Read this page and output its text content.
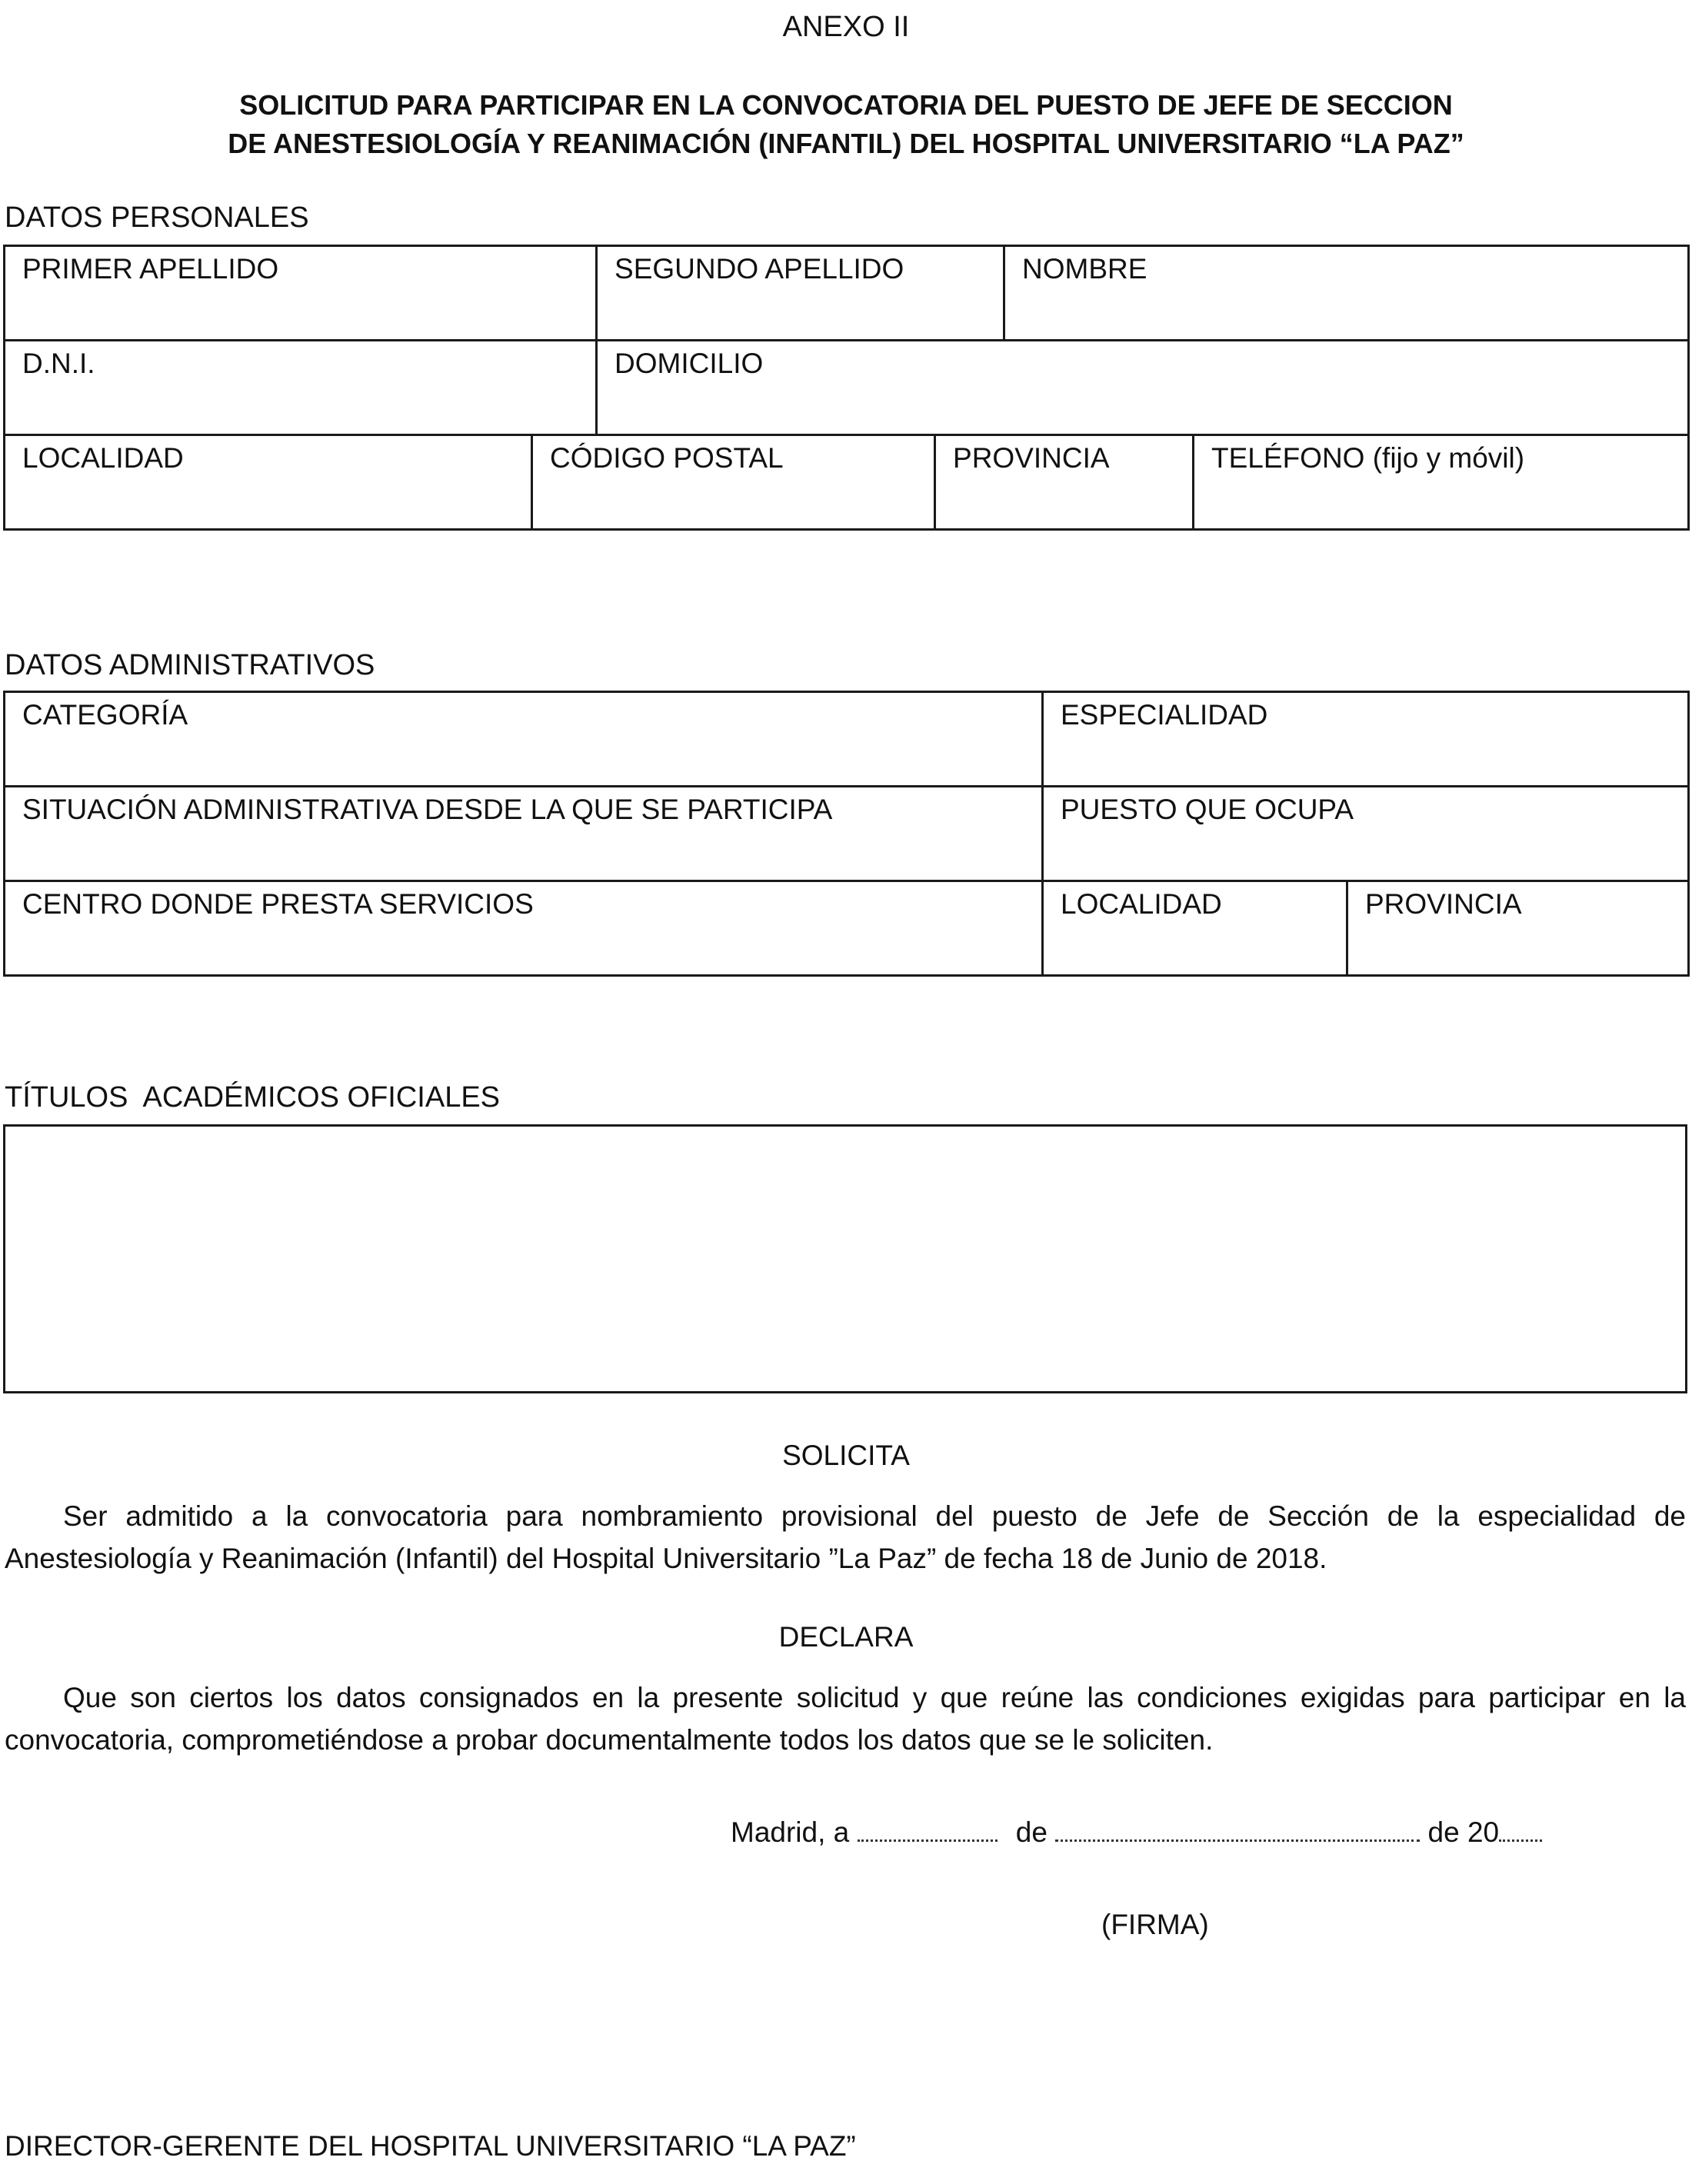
ANEXO II
SOLICITUD PARA PARTICIPAR EN LA CONVOCATORIA DEL PUESTO DE JEFE DE SECCION
DE ANESTESIOLOGÍA Y REANIMACIÓN (INFANTIL) DEL HOSPITAL UNIVERSITARIO “LA PAZ”
DATOS PERSONALES
PRIMER APELLIDO		SEGUNDO APELLIDO		NOMBRE	
D.N.I.		DOMICILIO			
LOCALIDAD	CÓDIGO POSTAL		PROVINCIA		TELÉFONO (fijo y móvil)
DATOS ADMINISTRATIVOS
CATEGORÍA	ESPECIALIDAD	
SITUACIÓN ADMINISTRATIVA DESDE LA QUE SE PARTICIPA	PUESTO QUE OCUPA	
CENTRO DONDE PRESTA SERVICIOS	LOCALIDAD	PROVINCIA
TÍTULOS  ACADÉMICOS OFICIALES
SOLICITA
Ser admitido a la convocatoria para nombramiento provisional del puesto de Jefe de Sección de la especialidad de Anestesiología y Reanimación (Infantil) del Hospital Universitario ”La Paz” de fecha 18 de Junio de 2018.
DECLARA
Que son ciertos los datos consignados en la presente solicitud y que reúne las condiciones exigidas para participar en la convocatoria, comprometiéndose a probar documentalmente todos los datos que se le soliciten.
Madrid, a	de	de 20
(FIRMA)
DIRECTOR-GERENTE DEL HOSPITAL UNIVERSITARIO “LA PAZ”
